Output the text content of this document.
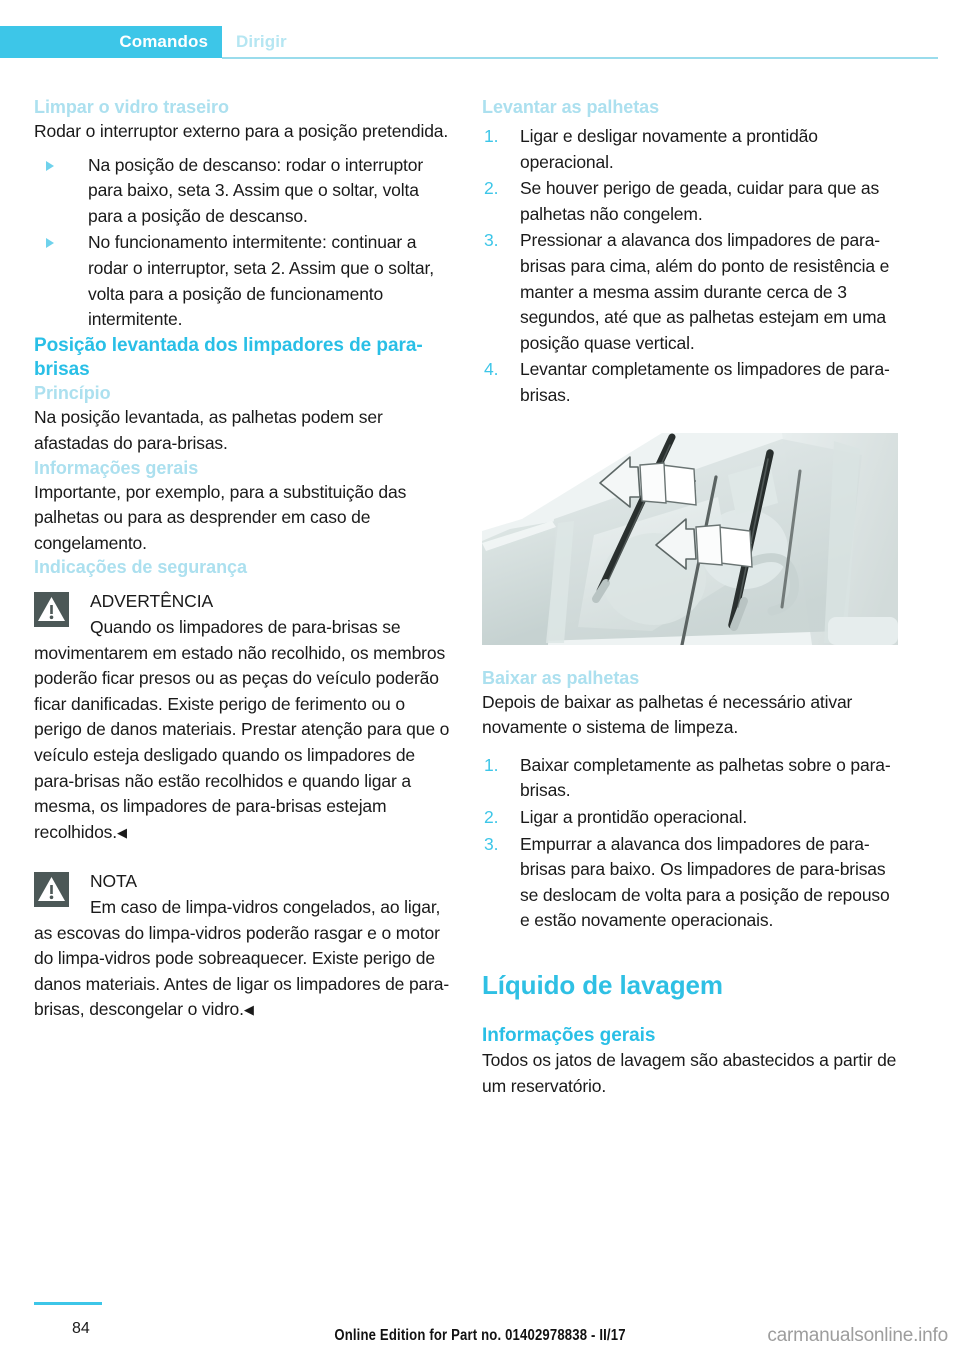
Comandos Dirigir
Limpar o vidro traseiro

Rodar o interruptor externo para a posição pretendida.

Na posição de descanso: rodar o interruptor para baixo, seta 3. Assim que o soltar, volta para a posição de descanso.
No funcionamento intermitente: continuar a rodar o interruptor, seta 2. Assim que o soltar, volta para a posição de funcionamento intermitente.
Posição levantada dos limpadores de para-brisas
Princípio

Na posição levantada, as palhetas podem ser afastadas do para-brisas.

Informações gerais

Importante, por exemplo, para a substituição das palhetas ou para as desprender em caso de congelamento.

Indicações de segurança

ADVERTÊNCIA

Quando os limpadores de para-brisas se movimentarem em estado não recolhido, os membros poderão ficar presos ou as peças do veículo poderão ficar danificadas. Existe perigo de ferimento ou o perigo de danos materiais. Prestar atenção para que o veículo esteja desligado quando os limpadores de para-brisas não estão recolhidos e quando ligar a mesma, os limpadores de para-brisas estejam recolhidos.◀

NOTA

Em caso de limpa-vidros congelados, ao ligar, as escovas do limpa-vidros poderão rasgar e o motor do limpa-vidros pode sobreaquecer. Existe perigo de danos materiais. Antes de ligar os limpadores de para-brisas, descongelar o vidro.◀

Levantar as palhetas
1. Ligar e desligar novamente a prontidão operacional.
2. Se houver perigo de geada, cuidar para que as palhetas não congelem.
3. Pressionar a alavanca dos limpadores de para-brisas para cima, além do ponto de resistência e manter a mesma assim durante cerca de 3 segundos, até que as palhetas estejam em uma posição quase vertical.
4. Levantar completamente os limpadores de para-brisas.
Baixar as palhetas

Depois de baixar as palhetas é necessário ativar novamente o sistema de limpeza.

1. Baixar completamente as palhetas sobre o para-brisas.
2. Ligar a prontidão operacional.
3. Empurrar a alavanca dos limpadores de para-brisas para baixo. Os limpadores de para-brisas se deslocam de volta para a posição de repouso e estão novamente operacionais.
Líquido de lavagem
Informações gerais

Todos os jatos de lavagem são abastecidos a partir de um reservatório.

84	Online Edition for Part no. 01402978838 - II/17	carmanualsonline.info
